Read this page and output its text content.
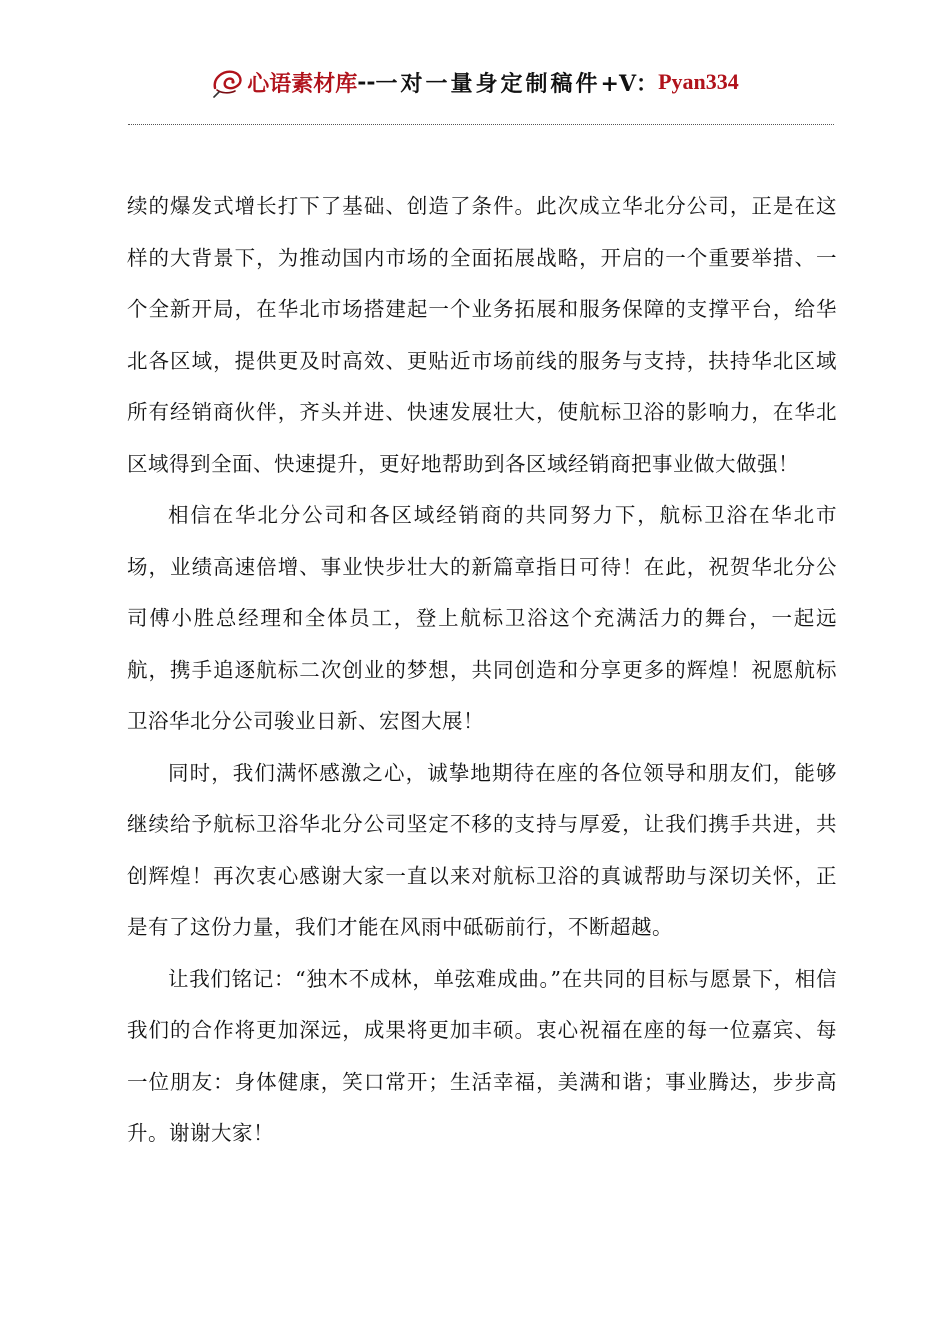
心语素材库 -- 一对一量身定制稿件 +V： Pyan334

续的爆发式增长打下了基础、创造了条件。此次成立华北分公司，正是在这样的大背景下，为推动国内市场的全面拓展战略，开启的一个重要举措、一个全新开局，在华北市场搭建起一个业务拓展和服务保障的支撑平台，给华北各区域，提供更及时高效、更贴近市场前线的服务与支持，扶持华北区域所有经销商伙伴，齐头并进、快速发展壮大，使航标卫浴的影响力，在华北区域得到全面、快速提升，更好地帮助到各区域经销商把事业做大做强！

相信在华北分公司和各区域经销商的共同努力下，航标卫浴在华北市场，业绩高速倍增、事业快步壮大的新篇章指日可待！在此，祝贺华北分公司傅小胜总经理和全体员工，登上航标卫浴这个充满活力的舞台，一起远航，携手追逐航标二次创业的梦想，共同创造和分享更多的辉煌！祝愿航标卫浴华北分公司骏业日新、宏图大展！

同时，我们满怀感激之心，诚挚地期待在座的各位领导和朋友们，能够继续给予航标卫浴华北分公司坚定不移的支持与厚爱，让我们携手共进，共创辉煌！再次衷心感谢大家一直以来对航标卫浴的真诚帮助与深切关怀，正是有了这份力量，我们才能在风雨中砥砺前行，不断超越。

让我们铭记：“独木不成林，单弦难成曲。”在共同的目标与愿景下，相信我们的合作将更加深远，成果将更加丰硕。衷心祝福在座的每一位嘉宾、每一位朋友：身体健康，笑口常开；生活幸福，美满和谐；事业腾达，步步高升。谢谢大家！
